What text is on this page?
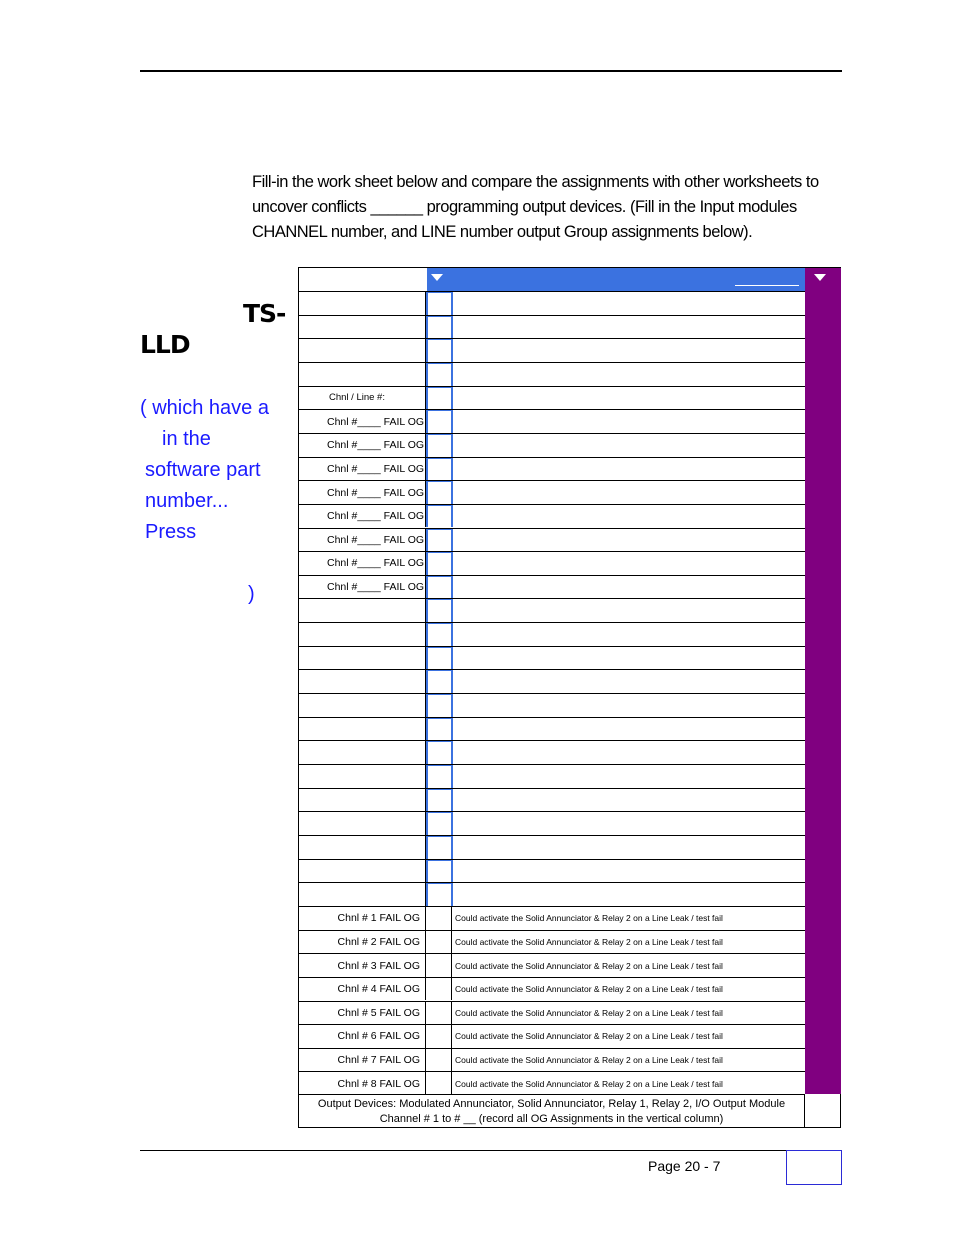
Fill-in the work sheet below and compare the assignments with other worksheets to
uncover conflicts ______ programming output devices. (Fill in the Input modules
CHANNEL number, and LINE number output Group assignments below).
TS-
LLD
( which have a
in the
software part
number...
Press
)
Chnl / Line #:
Chnl #____ FAIL OG
Chnl #____ FAIL OG
Chnl #____ FAIL OG
Chnl #____ FAIL OG
Chnl #____ FAIL OG
Chnl #____ FAIL OG
Chnl #____ FAIL OG
Chnl #____ FAIL OG
Chnl # 1 FAIL OG	Could activate the Solid Annunciator & Relay 2 on a Line Leak / test fail
Chnl # 2 FAIL OG	Could activate the Solid Annunciator & Relay 2 on a Line Leak / test fail
Chnl # 3 FAIL OG	Could activate the Solid Annunciator & Relay 2 on a Line Leak / test fail
Chnl # 4 FAIL OG	Could activate the Solid Annunciator & Relay 2 on a Line Leak / test fail
Chnl # 5 FAIL OG	Could activate the Solid Annunciator & Relay 2 on a Line Leak / test fail
Chnl # 6 FAIL OG	Could activate the Solid Annunciator & Relay 2 on a Line Leak / test fail
Chnl # 7 FAIL OG	Could activate the Solid Annunciator & Relay 2 on a Line Leak / test fail
Chnl # 8 FAIL OG	Could activate the Solid Annunciator & Relay 2 on a Line Leak / test fail
Output Devices: Modulated Annunciator, Solid Annunciator, Relay 1, Relay 2, I/O Output Module
Channel # 1 to # __ (record all OG Assignments in the vertical column)
Page 20 - 7
